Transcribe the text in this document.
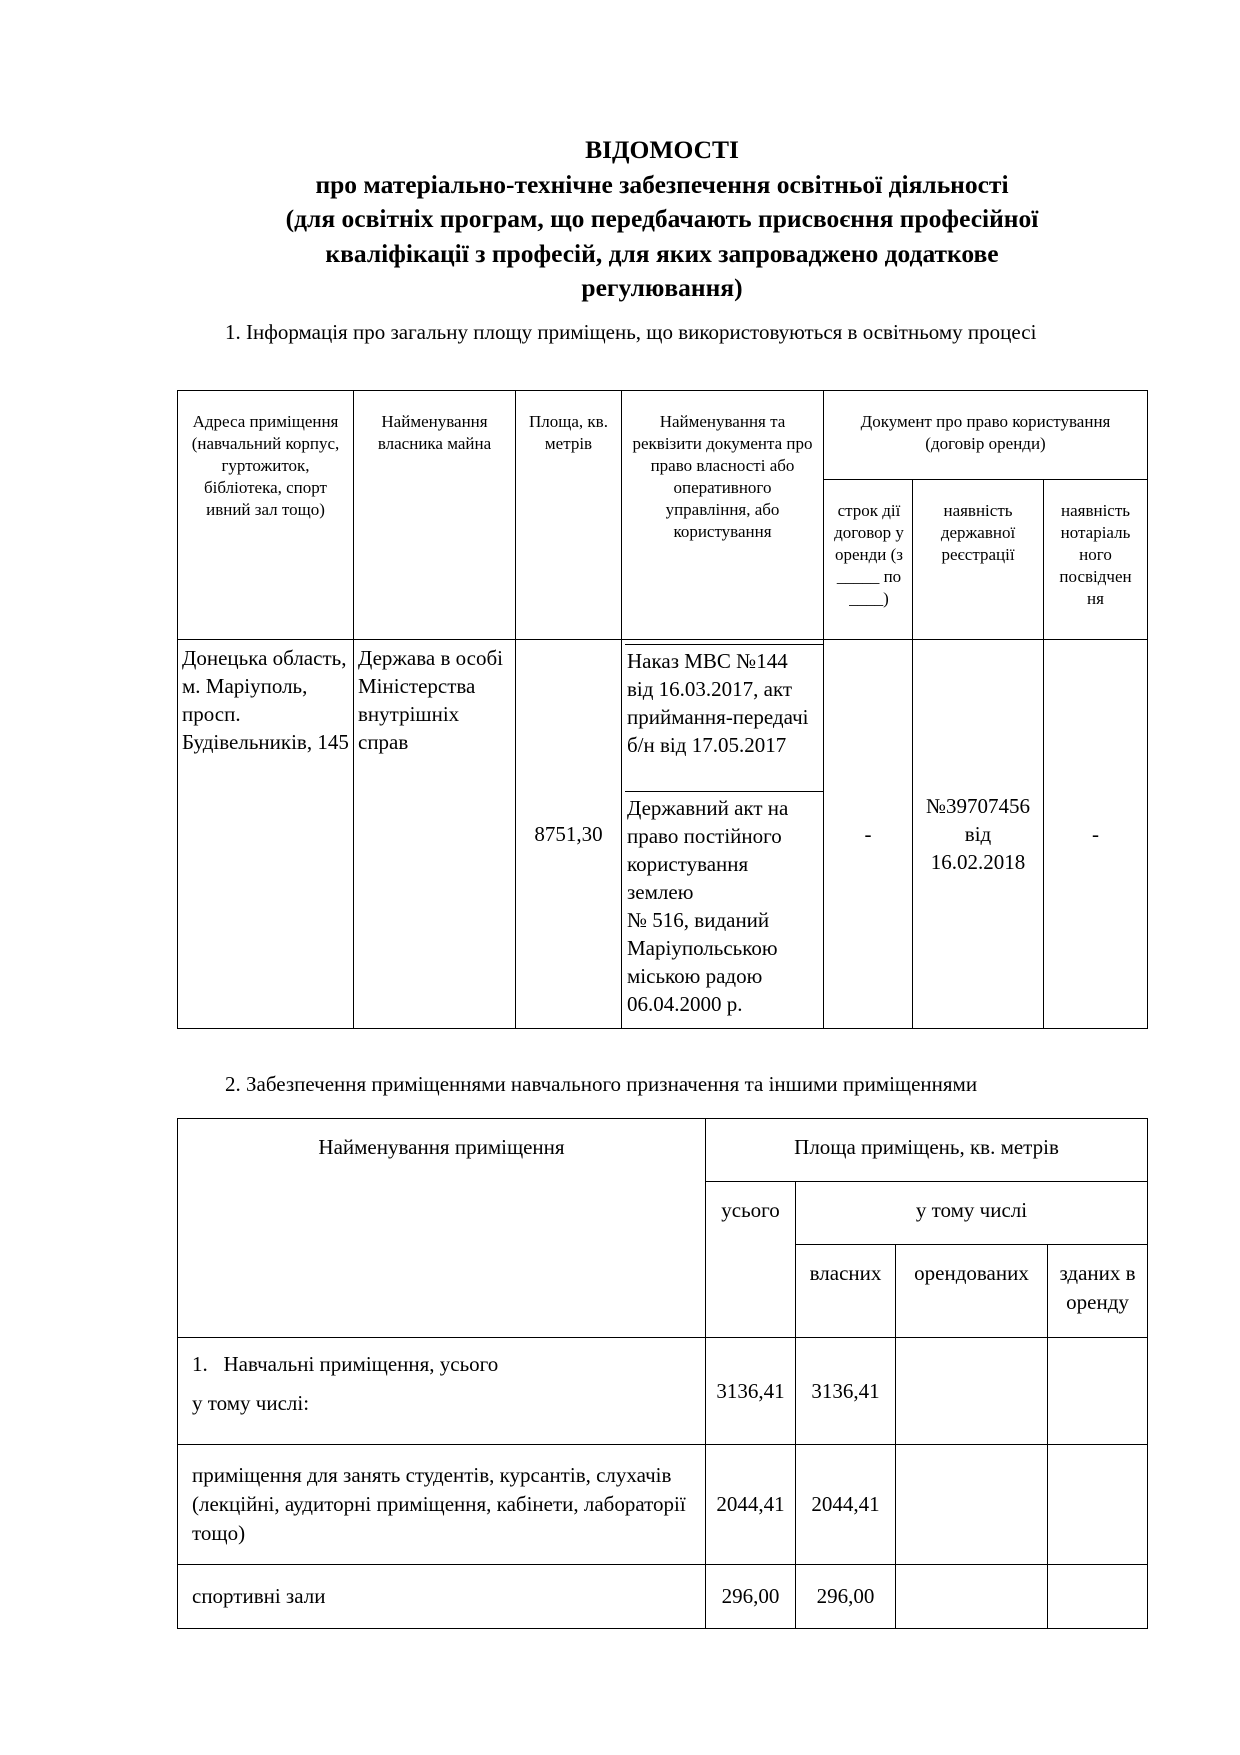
ВІДОМОСТІ
про матеріально-технічне забезпечення освітньої діяльності
(для освітніх програм, що передбачають присвоєння професійної
кваліфікації з професій, для яких запроваджено додаткове
регулювання)
1. Інформація про загальну площу приміщень, що використовуються в освітньому процесі
Адреса приміщення (навчальний корпус, гуртожиток, бібліотека, спорт ивний зал тощо)	Найменування власника майна	Площа, кв. метрів	Найменування та реквізити документа про право власності або оперативного управління, або користування	Документ про право користування (договір оренди)		
				строк дії договор у оренди (з _____ по ____)	наявність державної реєстрації	наявність нотаріаль ного посвідчен ня
Донецька область, м. Маріуполь, просп. Будівельників, 145	Держава в особі Міністерства внутрішніх справ	8751,30	Наказ МВС №144 від 16.03.2017, акт приймання-передачі б/н від 17.05.2017
Державний акт на право постійного користування землею
№ 516, виданий Маріупольською міською радою 06.04.2000 р.	-	№39707456 від 16.02.2018	-
2. Забезпечення приміщеннями навчального призначення та іншими приміщеннями
Найменування приміщення	Площа приміщень, кв. метрів			
	усього	у тому числі		
		власних	орендованих	зданих в оренду

1. Навчальні приміщення, усього
у тому числі:	3136,41	3136,41		
приміщення для занять студентів, курсантів, слухачів (лекційні, аудиторні приміщення, кабінети, лабораторії тощо)	2044,41	2044,41		
спортивні зали	296,00	296,00		
